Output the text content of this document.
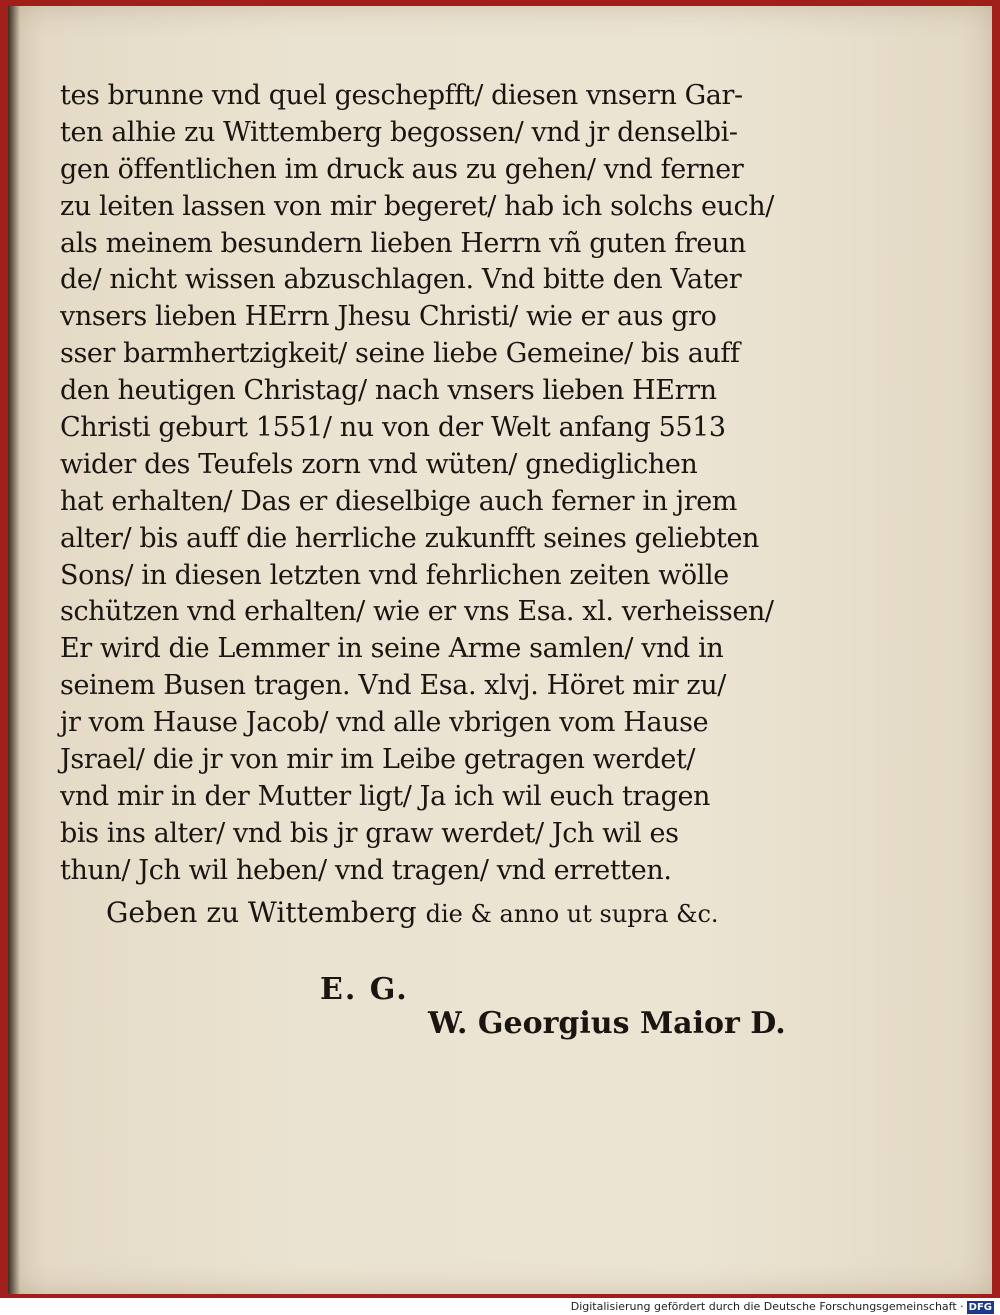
tes brunne vnd quel geschepfft/ diesen vnsern Gar-
ten alhie zu Wittemberg begossen/ vnd jr denselbi-
gen öffentlichen im druck aus zu gehen/ vnd ferner
zu leiten lassen von mir begeret/ hab ich solchs euch/
als meinem besundern lieben Herrn vñ guten freun
de/ nicht wissen abzuschlagen. Vnd bitte den Vater
vnsers lieben HErrn Jhesu Christi/ wie er aus gro
sser barmhertzigkeit/ seine liebe Gemeine/ bis auff
den heutigen Christag/ nach vnsers lieben HErrn
Christi geburt 1551/ nu von der Welt anfang 5513
wider des Teufels zorn vnd wüten/ gnediglichen
hat erhalten/ Das er dieselbige auch ferner in jrem
alter/ bis auff die herrliche zukunfft seines geliebten
Sons/ in diesen letzten vnd fehrlichen zeiten wölle
schützen vnd erhalten/ wie er vns Esa. xl. verheissen/
Er wird die Lemmer in seine Arme samlen/ vnd in
seinem Busen tragen. Vnd Esa. xlvj. Höret mir zu/
jr vom Hause Jacob/ vnd alle vbrigen vom Hause
Jsrael/ die jr von mir im Leibe getragen werdet/
vnd mir in der Mutter ligt/ Ja ich wil euch tragen
bis ins alter/ vnd bis jr graw werdet/ Jch wil es
thun/ Jch wil heben/ vnd tragen/ vnd erretten.
Geben zu Wittemberg die & anno ut supra &c.
E. G.
W. Georgius Maior D.
Digitalisierung gefördert durch die Deutsche Forschungsgemeinschaft · DFG
